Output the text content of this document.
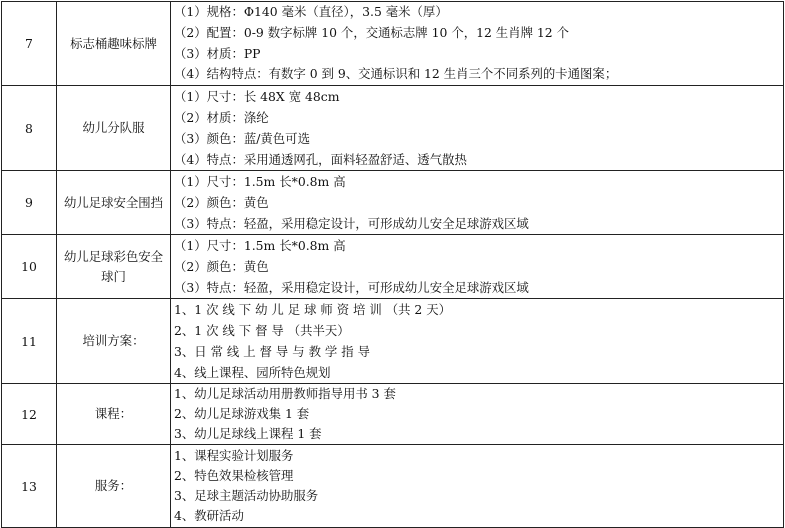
7	标志桶趣味标牌	（1）规格：Φ140 毫米（直径），3.5 毫米（厚）
（2）配置：0-9 数字标牌 10 个，交通标志牌 10 个，12 生肖牌 12 个
（3）材质：PP
（4）结构特点：有数字 0 到 9、交通标识和 12 生肖三个不同系列的卡通图案；

8	幼儿分队服	（1）尺寸：长 48X 宽 48cm
（2）材质：涤纶
（3）颜色：蓝/黄色可选
（4）特点：采用通透网孔，面料轻盈舒适、透气散热

9	幼儿足球安全围挡	（1）尺寸：1.5m 长*0.8m 高
（2）颜色：黄色
（3）特点：轻盈，采用稳定设计，可形成幼儿安全足球游戏区域

10	幼儿足球彩色安全球门	（1）尺寸：1.5m 长*0.8m 高
（2）颜色：黄色
（3）特点：轻盈，采用稳定设计，可形成幼儿安全足球游戏区域

11	培训方案：	1、1 次 线 下 幼 儿 足 球 师 资 培 训 （共 2 天）
2、1 次 线 下 督 导 （共半天）
3、日 常 线 上 督 导 与 教 学 指 导
4、线上课程、园所特色规划

12	课程：	1、幼儿足球活动用册教师指导用书 3 套
2、幼儿足球游戏集 1 套
3、幼儿足球线上课程 1 套

13	服务：	1、课程实验计划服务
2、特色效果检核管理
3、足球主题活动协助服务
4、教研活动
